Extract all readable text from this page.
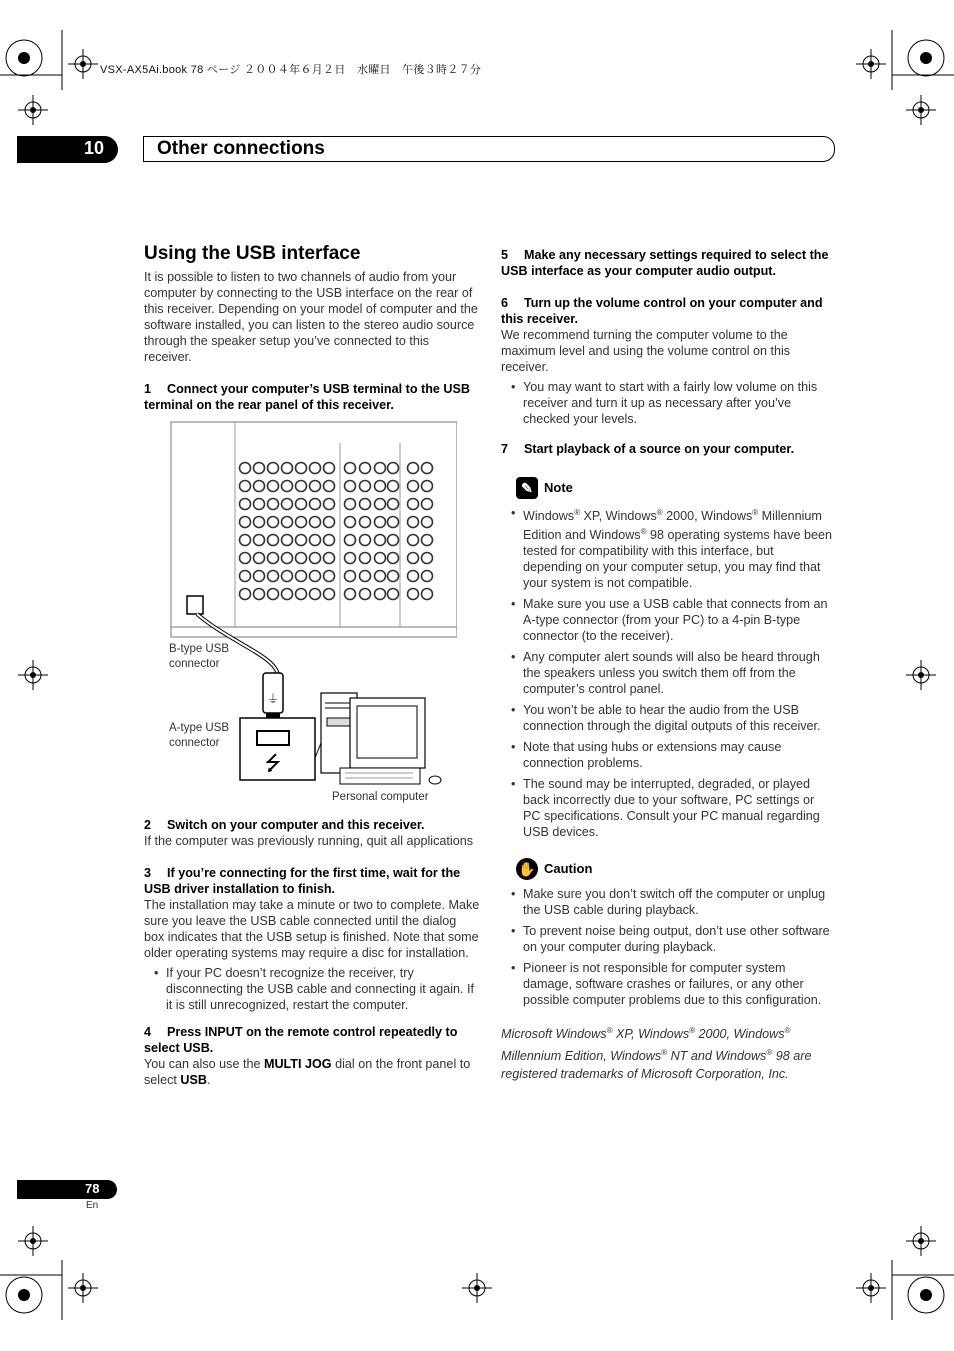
VSX-AX5Ai.book 78 ページ ２００４年６月２日　水曜日　午後３時２７分
10	Other connections
Using the USB interface

It is possible to listen to two channels of audio from your computer by connecting to the USB interface on the rear of this receiver. Depending on your model of computer and the software installed, you can listen to the stereo audio source through the speaker setup you’ve connected to this receiver.

1 Connect your computer’s USB terminal to the USB terminal on the rear panel of this receiver.

⏚
⭍
B-type USB connector
A-type USB connector
Personal computer

2 Switch on your computer and this receiver.

If the computer was previously running, quit all applications

3 If you’re connecting for the first time, wait for the USB driver installation to finish.

The installation may take a minute or two to complete. Make sure you leave the USB cable connected until the dialog box indicates that the USB setup is finished. Note that some older operating systems may require a disc for installation.

• If your PC doesn’t recognize the receiver, try disconnecting the USB cable and connecting it again. If it is still unrecognized, restart the computer.

4 Press INPUT on the remote control repeatedly to select USB.

You can also use the MULTI JOG dial on the front panel to select USB.

5 Make any necessary settings required to select the USB interface as your computer audio output.

6 Turn up the volume control on your computer and this receiver.

We recommend turning the computer volume to the maximum level and using the volume control on this receiver.

• You may want to start with a fairly low volume on this receiver and turn it up as necessary after you’ve checked your levels.

7 Start playback of a source on your computer.

✎ Note
• Windows® XP, Windows® 2000, Windows® Millennium Edition and Windows® 98 operating systems have been tested for compatibility with this interface, but depending on your computer setup, you may find that your system is not compatible.
• Make sure you use a USB cable that connects from an A-type connector (from your PC) to a 4-pin B-type connector (to the receiver).
• Any computer alert sounds will also be heard through the speakers unless you switch them off from the computer’s control panel.
• You won’t be able to hear the audio from the USB connection through the digital outputs of this receiver.
• Note that using hubs or extensions may cause connection problems.
• The sound may be interrupted, degraded, or played back incorrectly due to your software, PC settings or PC specifications. Consult your PC manual regarding USB devices.
✋ Caution
• Make sure you don’t switch off the computer or unplug the USB cable during playback.
• To prevent noise being output, don’t use other software on your computer during playback.
• Pioneer is not responsible for computer system damage, software crashes or failures, or any other possible computer problems due to this configuration.

Microsoft Windows® XP, Windows® 2000, Windows® Millennium Edition, Windows® NT and Windows® 98 are registered trademarks of Microsoft Corporation, Inc.

78
En
